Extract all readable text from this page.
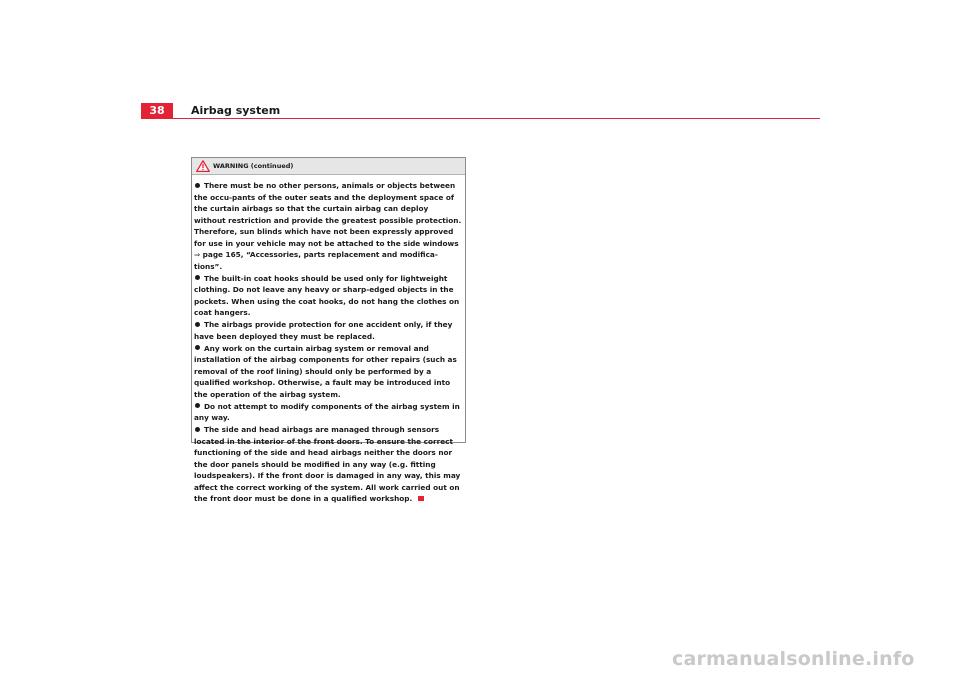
38	Airbag system
WARNING (continued)

There must be no other persons, animals or objects between the occu-pants of the outer seats and the deployment space of the curtain airbags so that the curtain airbag can deploy without restriction and provide the greatest possible protection. Therefore, sun blinds which have not been expressly approved for use in your vehicle may not be attached to the side windows ⇒ page 165, “Accessories, parts replacement and modifica-tions”.

The built-in coat hooks should be used only for lightweight clothing. Do not leave any heavy or sharp-edged objects in the pockets. When using the coat hooks, do not hang the clothes on coat hangers.

The airbags provide protection for one accident only, if they have been deployed they must be replaced.

Any work on the curtain airbag system or removal and installation of the airbag components for other repairs (such as removal of the roof lining) should only be performed by a qualified workshop. Otherwise, a fault may be introduced into the operation of the airbag system.

Do not attempt to modify components of the airbag system in any way.

The side and head airbags are managed through sensors located in the interior of the front doors. To ensure the correct functioning of the side and head airbags neither the doors nor the door panels should be modified in any way (e.g. fitting loudspeakers). If the front door is damaged in any way, this may affect the correct working of the system. All work carried out on the front door must be done in a qualified workshop.

carmanualsonline.info
